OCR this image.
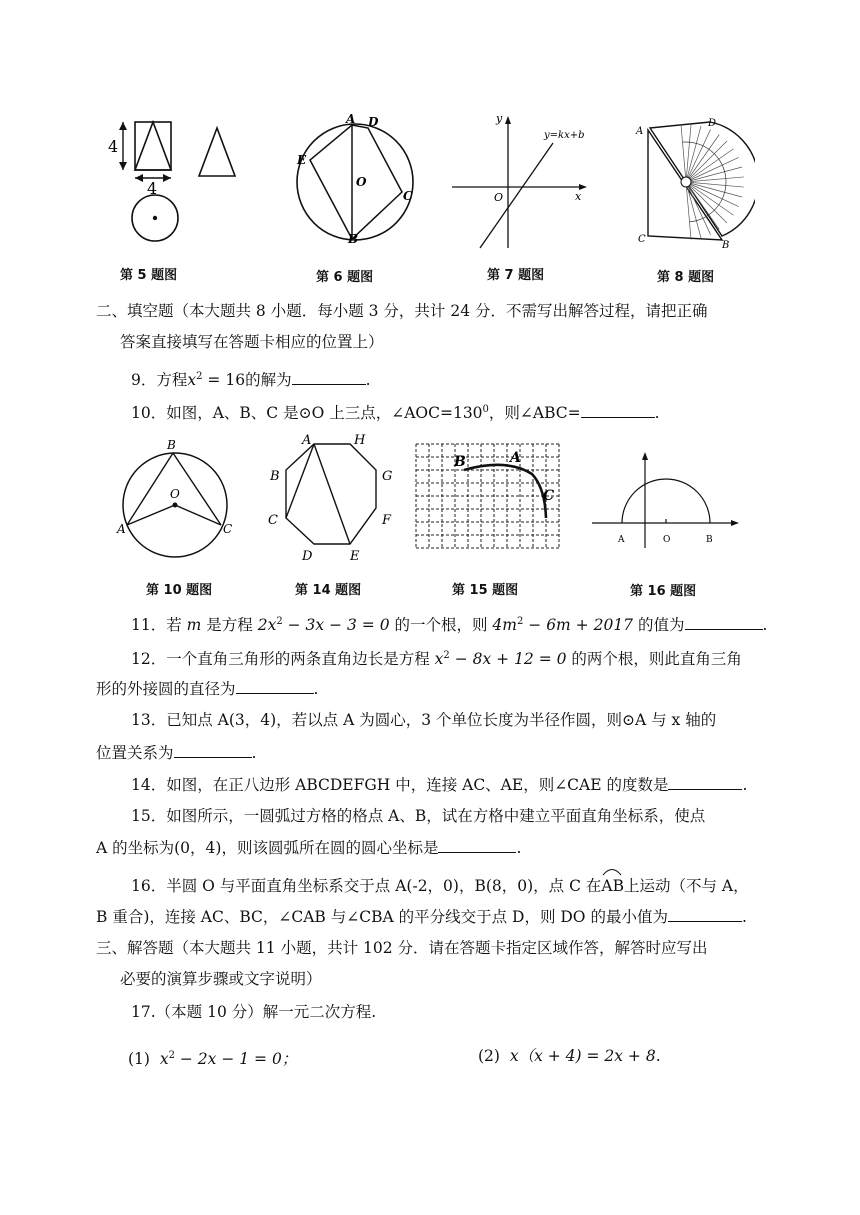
4
4
第 5 题图
A D
E
O
C
B
第 6 题图
y
x
O
y=kx+b
第 7 题图
A
D
C
B
第 8 题图
二、填空题（本大题共 8 小题．每小题 3 分，共计 24 分．不需写出解答过程，请把正确
答案直接填写在答题卡相应的位置上）
9．方程$x^2 = 16$的解为	.
10．如图，A、B、C 是⊙O 上三点，$\angle AOC=130^0$，则∠ABC=	.
B
O
A	C
第 10 题图
A	H
B	G
C	F
D	E
第 14 题图
B	A
C
第 15 题图
A	O	B
第 16 题图
11．若 m 是方程 $2x^2 - 3x - 3 = 0$ 的一个根，则 $4m^2 - 6m + 2017$ 的值为	.
12．一个直角三角形的两条直角边长是方程 $x^2 - 8x + 12 = 0$ 的两个根，则此直角三角
形的外接圆的直径为	.
13．已知点 A(3，4)，若以点 A 为圆心，3 个单位长度为半径作圆，则⊙A 与 x 轴的
位置关系为	.
14．如图，在正八边形 ABCDEFGH 中，连接 AC、AE，则∠CAE 的度数是	.
15．如图所示，一圆弧过方格的格点 A、B，试在方格中建立平面直角坐标系，使点
A 的坐标为(0，4)，则该圆弧所在圆的圆心坐标是	.
16．半圆 O 与平面直角坐标系交于点 A(-2，0)，B(8，0)，点 C 在
AB上运动（不与 A，
B 重合)，连接 AC、BC，∠CAB 与∠CBA 的平分线交于点 D，则 DO 的最小值为	.
三、解答题（本大题共 11 小题，共计 102 分．请在答题卡指定区域作答，解答时应写出
必要的演算步骤或文字说明）
17.（本题 10 分）解一元二次方程.
(1) $x^2 - 2x - 1 = 0$；	(2) x（x + 4) = 2x + 8.
